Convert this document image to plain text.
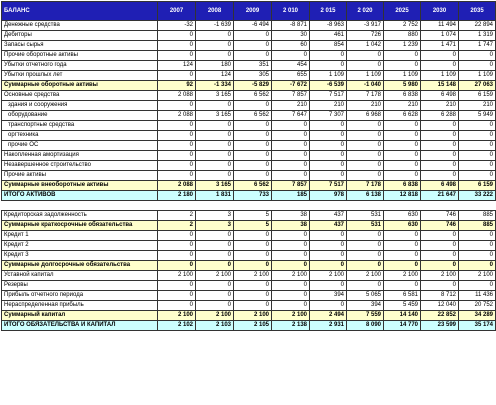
БАЛАНС	2007	2008	2009	2 010	2 015	2 020	2025	2030	2035
Денежные средства	-32	-1 639	-6 494	-8 871	-8 963	-3 917	2 752	11 494	22 894
Дебиторы	0	0	0	30	461	726	880	1 074	1 319
Запасы сырья	0	0	0	60	854	1 042	1 239	1 471	1 747
Прочие оборотные активы	0	0	0	0	0	0	0	0	0
Убытки отчетного года	124	180	351	454	0	0	0	0	0
Убытки прошлых лет	0	124	305	655	1 109	1 109	1 109	1 109	1 109
Суммарные оборотные активы	92	-1 334	-5 829	-7 672	-6 539	-1 040	5 980	15 148	27 063
Основные средства	2 088	3 165	6 562	7 857	7 517	7 178	6 838	6 498	6 159
здания и сооружения	0	0	0	210	210	210	210	210	210
оборудование	2 088	3 165	6 562	7 647	7 307	6 968	6 628	6 288	5 949
транспортные средства	0	0	0	0	0	0	0	0	0
оргтехника	0	0	0	0	0	0	0	0	0
прочие ОС	0	0	0	0	0	0	0	0	0
Накопленная амортизация	0	0	0	0	0	0	0	0	0
Незавершенное строительство	0	0	0	0	0	0	0	0	0
Прочие активы	0	0	0	0	0	0	0	0	0
Суммарные внеоборотные активы	2 088	3 165	6 562	7 857	7 517	7 178	6 838	6 498	6 159
ИТОГО АКТИВОВ	2 180	1 831	733	185	978	6 138	12 818	21 647	33 222

Кредиторская задолженность	2	3	5	38	437	531	630	746	885
Суммарные краткосрочные обязательства	2	3	5	38	437	531	630	746	885
Кредит 1	0	0	0	0	0	0	0	0	0
Кредит 2	0	0	0	0	0	0	0	0	0
Кредит 3	0	0	0	0	0	0	0	0	0
Суммарные долгосрочные обязательства	0	0	0	0	0	0	0	0	0
Уставной капитал	2 100	2 100	2 100	2 100	2 100	2 100	2 100	2 100	2 100
Резервы	0	0	0	0	0	0	0	0	0
Прибыль отчетного периода	0	0	0	0	394	5 065	6 581	8 712	11 436
Нераспределенная прибыль	0	0	0	0	0	394	5 459	12 040	20 752
Суммарный капитал	2 100	2 100	2 100	2 100	2 494	7 559	14 140	22 852	34 289
ИТОГО ОБЯЗАТЕЛЬСТВА И КАПИТАЛ	2 102	2 103	2 105	2 138	2 931	8 090	14 770	23 599	35 174
